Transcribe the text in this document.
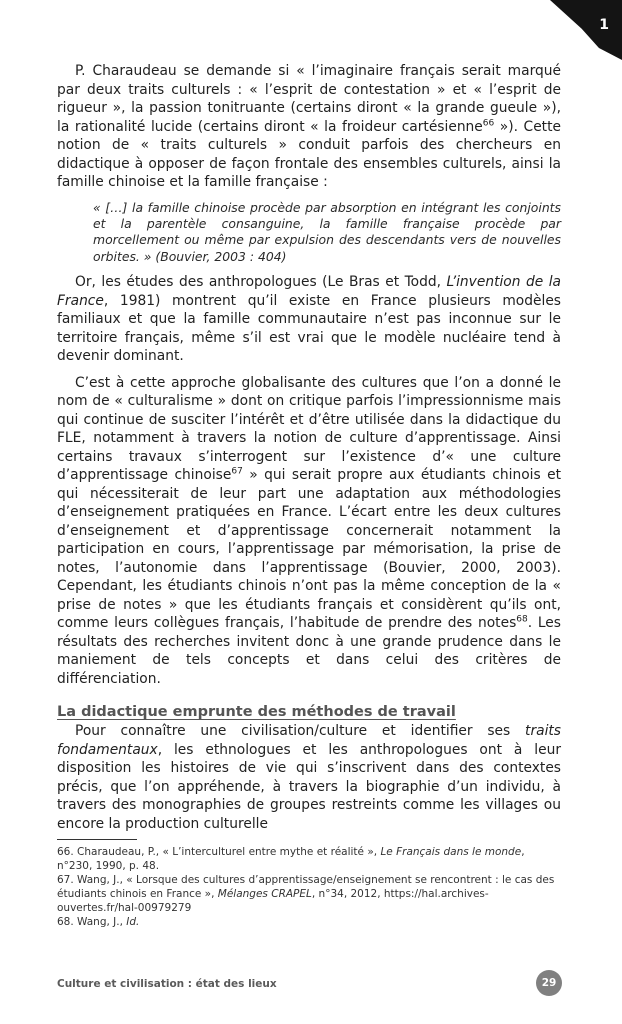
1

P. Charaudeau se demande si « l’imaginaire français serait marqué par deux traits culturels : « l’esprit de contestation » et « l’esprit de rigueur », la passion tonitruante (certains diront « la grande gueule »), la rationalité lucide (certains diront « la froideur cartésienne$^{66}$ »). Cette notion de « traits culturels » conduit parfois des chercheurs en didactique à opposer de façon frontale des ensembles culturels, ainsi la famille chinoise et la famille française :

« […] la famille chinoise procède par absorption en intégrant les conjoints et la parentèle consanguine, la famille française procède par morcellement ou même par expulsion des descendants vers de nouvelles orbites. » (Bouvier, 2003 : 404)

Or, les études des anthropologues (Le Bras et Todd, L’invention de la France, 1981) montrent qu’il existe en France plusieurs modèles familiaux et que la famille communautaire n’est pas inconnue sur le territoire français, même s’il est vrai que le modèle nucléaire tend à devenir dominant.

C’est à cette approche globalisante des cultures que l’on a donné le nom de « culturalisme » dont on critique parfois l’impressionnisme mais qui continue de susciter l’intérêt et d’être utilisée dans la didactique du FLE, notamment à travers la notion de culture d’apprentissage. Ainsi certains travaux s’interrogent sur l’existence d’« une culture d’apprentissage chinoise$^{67}$ » qui serait propre aux étudiants chinois et qui nécessiterait de leur part une adaptation aux méthodologies d’enseignement pratiquées en France. L’écart entre les deux cultures d’enseignement et d’apprentissage concernerait notamment la participation en cours, l’apprentissage par mémorisation, la prise de notes, l’autonomie dans l’apprentissage (Bouvier, 2000, 2003). Cependant, les étudiants chinois n’ont pas la même conception de la « prise de notes » que les étudiants français et considèrent qu’ils ont, comme leurs collègues français, l’habitude de prendre des notes$^{68}$. Les résultats des recherches invitent donc à une grande prudence dans le maniement de tels concepts et dans celui des critères de différenciation.

La didactique emprunte des méthodes de travail

Pour connaître une civilisation/culture et identifier ses traits fondamentaux, les ethnologues et les anthropologues ont à leur disposition les histoires de vie qui s’inscrivent dans des contextes précis, que l’on appréhende, à travers la biographie d’un individu, à travers des monographies de groupes restreints comme les villages ou encore la production culturelle

66. Charaudeau, P., « L’interculturel entre mythe et réalité », Le Français dans le monde, n°230, 1990, p. 48.

67. Wang, J., « Lorsque des cultures d’apprentissage/enseignement se rencontrent : le cas des étudiants chinois en France », Mélanges CRAPEL, n°34, 2012, https://hal.archives-ouvertes.fr/hal-00979279

68. Wang, J., Id.

Culture et civilisation : état des lieux	29
